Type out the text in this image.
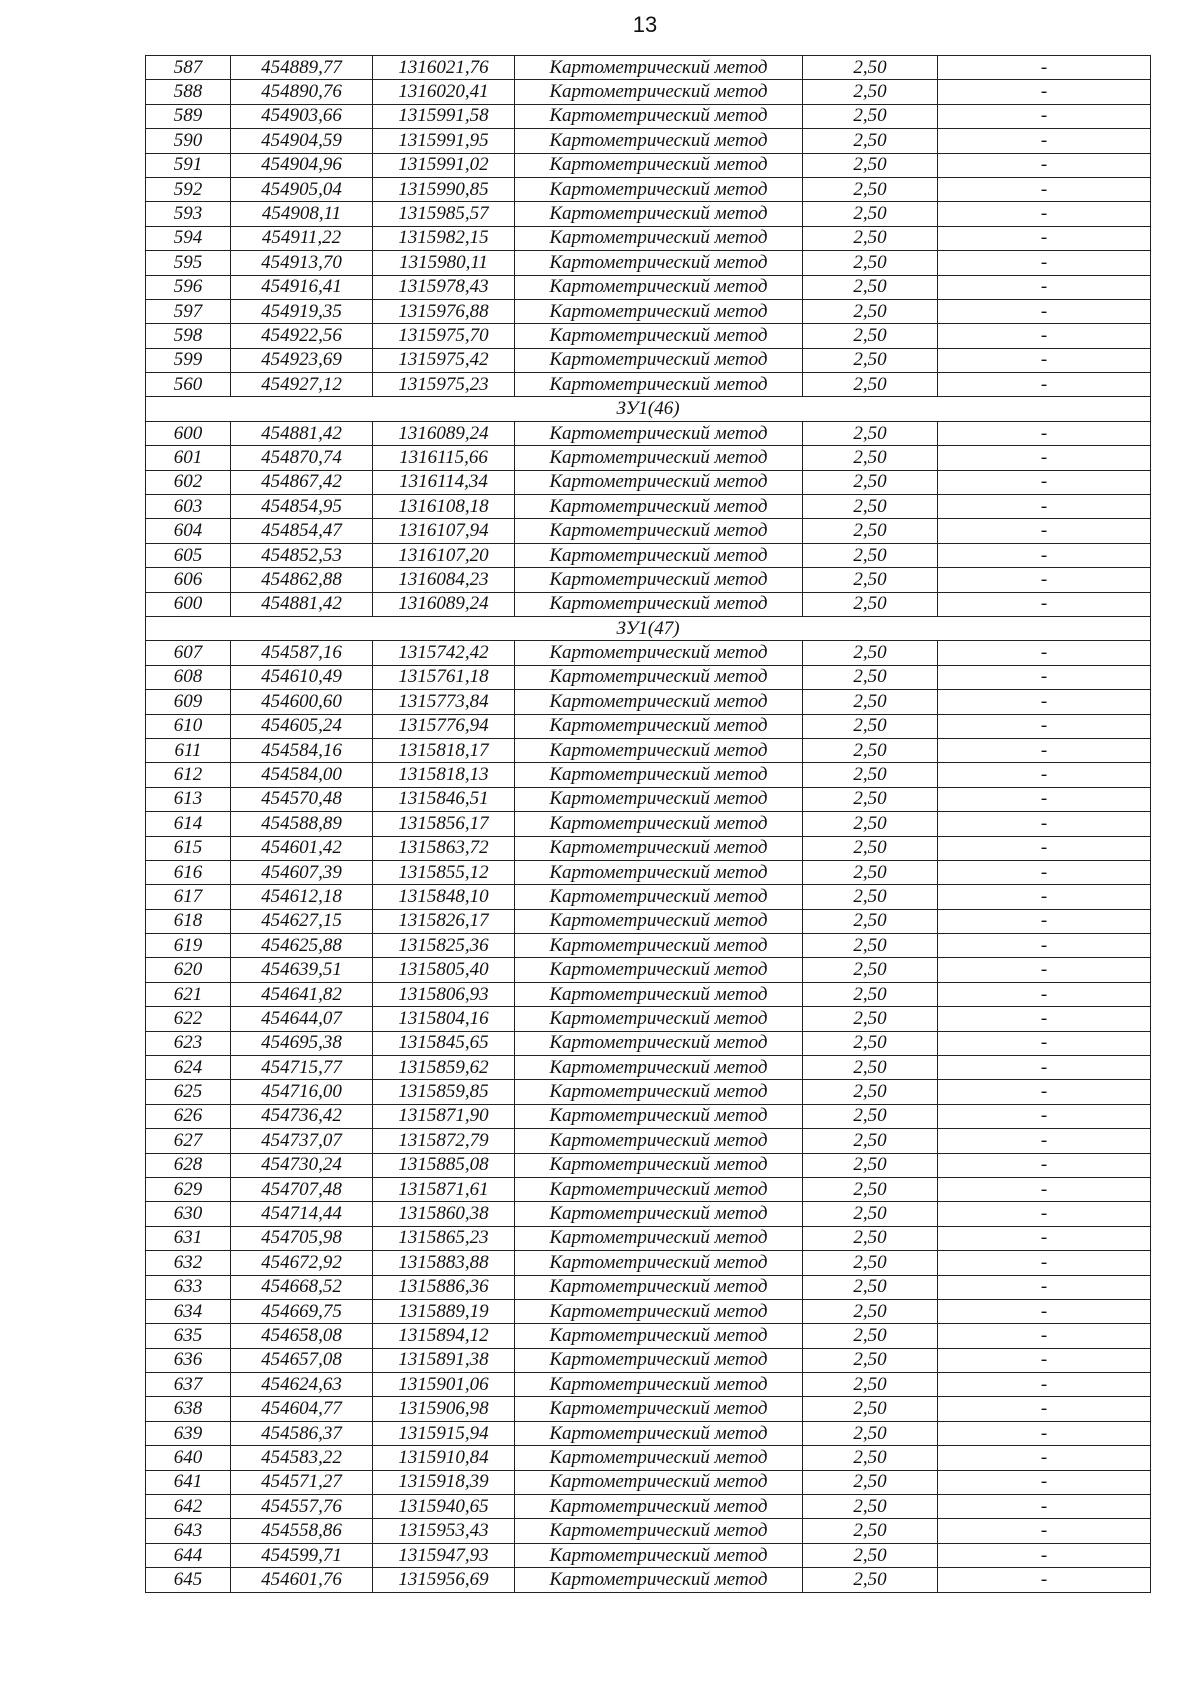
13
587	454889,77	1316021,76	Картометрический метод	2,50	-
588	454890,76	1316020,41	Картометрический метод	2,50	-
589	454903,66	1315991,58	Картометрический метод	2,50	-
590	454904,59	1315991,95	Картометрический метод	2,50	-
591	454904,96	1315991,02	Картометрический метод	2,50	-
592	454905,04	1315990,85	Картометрический метод	2,50	-
593	454908,11	1315985,57	Картометрический метод	2,50	-
594	454911,22	1315982,15	Картометрический метод	2,50	-
595	454913,70	1315980,11	Картометрический метод	2,50	-
596	454916,41	1315978,43	Картометрический метод	2,50	-
597	454919,35	1315976,88	Картометрический метод	2,50	-
598	454922,56	1315975,70	Картометрический метод	2,50	-
599	454923,69	1315975,42	Картометрический метод	2,50	-
560	454927,12	1315975,23	Картометрический метод	2,50	-
ЗУ1(46)					
600	454881,42	1316089,24	Картометрический метод	2,50	-
601	454870,74	1316115,66	Картометрический метод	2,50	-
602	454867,42	1316114,34	Картометрический метод	2,50	-
603	454854,95	1316108,18	Картометрический метод	2,50	-
604	454854,47	1316107,94	Картометрический метод	2,50	-
605	454852,53	1316107,20	Картометрический метод	2,50	-
606	454862,88	1316084,23	Картометрический метод	2,50	-
600	454881,42	1316089,24	Картометрический метод	2,50	-
ЗУ1(47)					
607	454587,16	1315742,42	Картометрический метод	2,50	-
608	454610,49	1315761,18	Картометрический метод	2,50	-
609	454600,60	1315773,84	Картометрический метод	2,50	-
610	454605,24	1315776,94	Картометрический метод	2,50	-
611	454584,16	1315818,17	Картометрический метод	2,50	-
612	454584,00	1315818,13	Картометрический метод	2,50	-
613	454570,48	1315846,51	Картометрический метод	2,50	-
614	454588,89	1315856,17	Картометрический метод	2,50	-
615	454601,42	1315863,72	Картометрический метод	2,50	-
616	454607,39	1315855,12	Картометрический метод	2,50	-
617	454612,18	1315848,10	Картометрический метод	2,50	-
618	454627,15	1315826,17	Картометрический метод	2,50	-
619	454625,88	1315825,36	Картометрический метод	2,50	-
620	454639,51	1315805,40	Картометрический метод	2,50	-
621	454641,82	1315806,93	Картометрический метод	2,50	-
622	454644,07	1315804,16	Картометрический метод	2,50	-
623	454695,38	1315845,65	Картометрический метод	2,50	-
624	454715,77	1315859,62	Картометрический метод	2,50	-
625	454716,00	1315859,85	Картометрический метод	2,50	-
626	454736,42	1315871,90	Картометрический метод	2,50	-
627	454737,07	1315872,79	Картометрический метод	2,50	-
628	454730,24	1315885,08	Картометрический метод	2,50	-
629	454707,48	1315871,61	Картометрический метод	2,50	-
630	454714,44	1315860,38	Картометрический метод	2,50	-
631	454705,98	1315865,23	Картометрический метод	2,50	-
632	454672,92	1315883,88	Картометрический метод	2,50	-
633	454668,52	1315886,36	Картометрический метод	2,50	-
634	454669,75	1315889,19	Картометрический метод	2,50	-
635	454658,08	1315894,12	Картометрический метод	2,50	-
636	454657,08	1315891,38	Картометрический метод	2,50	-
637	454624,63	1315901,06	Картометрический метод	2,50	-
638	454604,77	1315906,98	Картометрический метод	2,50	-
639	454586,37	1315915,94	Картометрический метод	2,50	-
640	454583,22	1315910,84	Картометрический метод	2,50	-
641	454571,27	1315918,39	Картометрический метод	2,50	-
642	454557,76	1315940,65	Картометрический метод	2,50	-
643	454558,86	1315953,43	Картометрический метод	2,50	-
644	454599,71	1315947,93	Картометрический метод	2,50	-
645	454601,76	1315956,69	Картометрический метод	2,50	-
